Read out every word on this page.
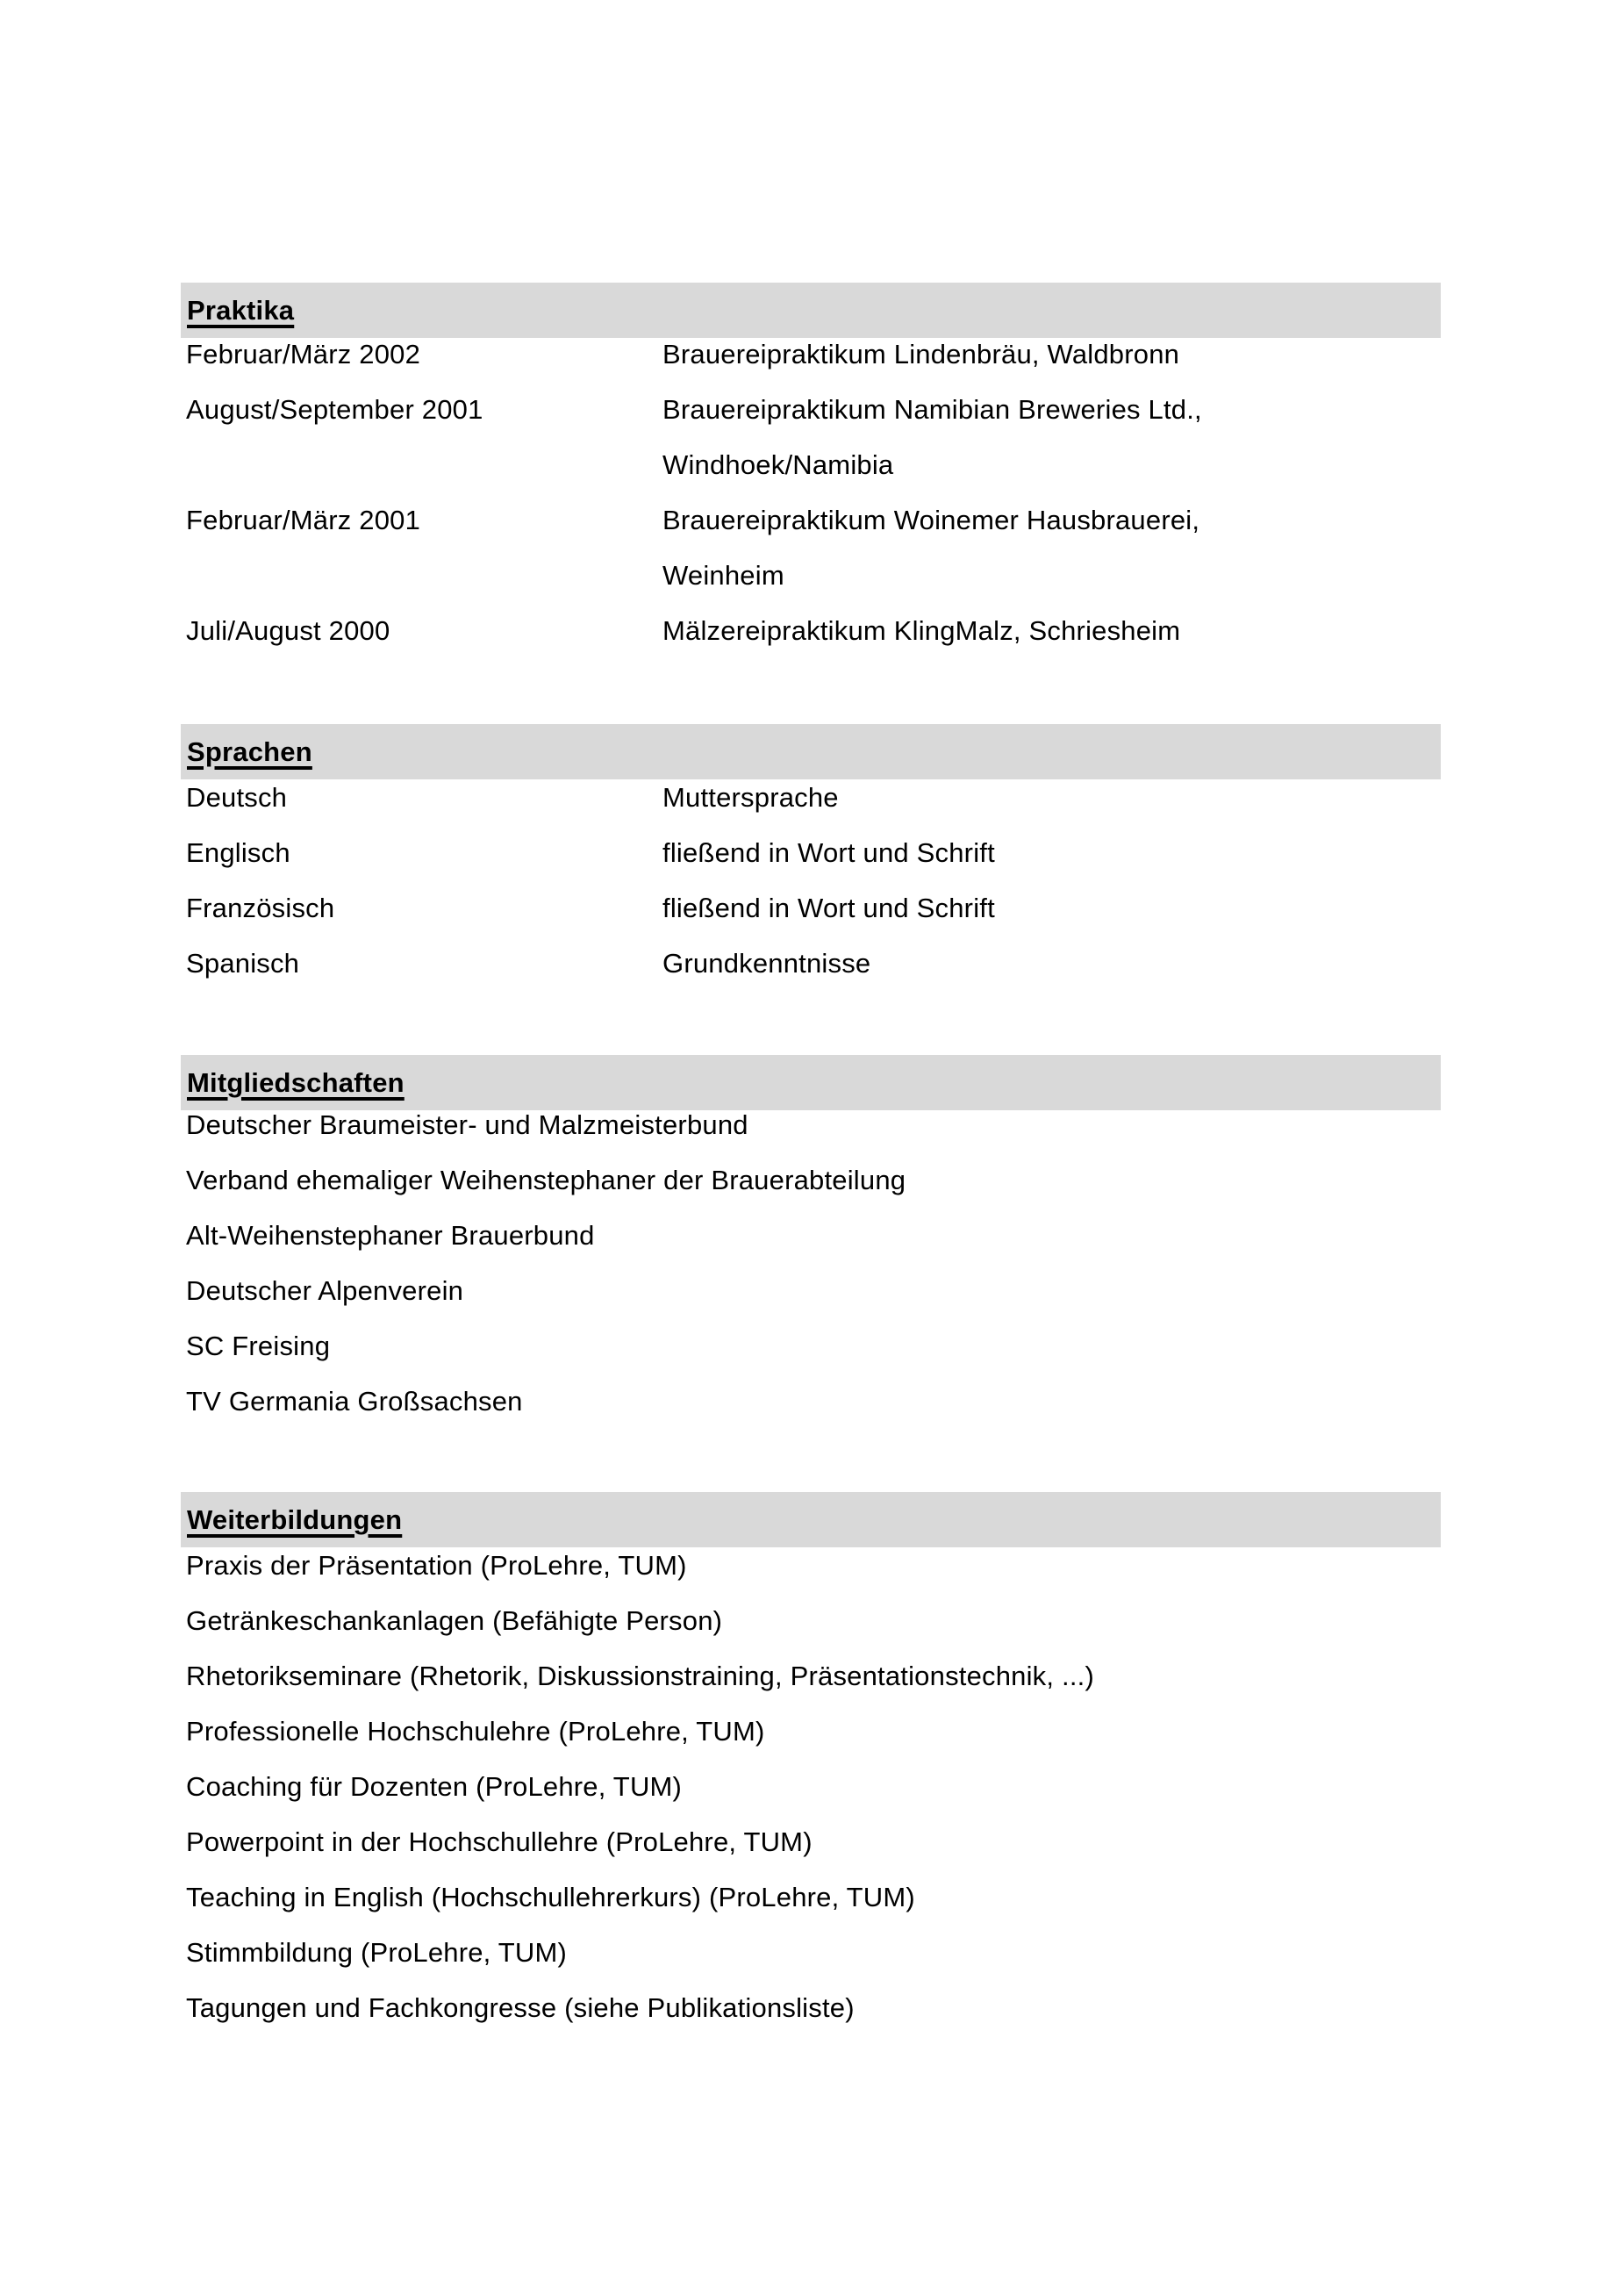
Praktika
Februar/März 2002	Brauereipraktikum Lindenbräu, Waldbronn
August/September 2001	Brauereipraktikum Namibian Breweries Ltd.,
Windhoek/Namibia
Februar/März 2001	Brauereipraktikum Woinemer Hausbrauerei,
Weinheim
Juli/August 2000	Mälzereipraktikum KlingMalz, Schriesheim
Sprachen
Deutsch	Muttersprache
Englisch	fließend in Wort und Schrift
Französisch	fließend in Wort und Schrift
Spanisch	Grundkenntnisse
Mitgliedschaften
Deutscher Braumeister- und Malzmeisterbund
Verband ehemaliger Weihenstephaner der Brauerabteilung
Alt-Weihenstephaner Brauerbund
Deutscher Alpenverein
SC Freising
TV Germania Großsachsen
Weiterbildungen
Praxis der Präsentation (ProLehre, TUM)
Getränkeschankanlagen (Befähigte Person)
Rhetorikseminare (Rhetorik, Diskussionstraining, Präsentationstechnik, ...)
Professionelle Hochschulehre (ProLehre, TUM)
Coaching für Dozenten (ProLehre, TUM)
Powerpoint in der Hochschullehre (ProLehre, TUM)
Teaching in English (Hochschullehrerkurs) (ProLehre, TUM)
Stimmbildung (ProLehre, TUM)
Tagungen und Fachkongresse (siehe Publikationsliste)
